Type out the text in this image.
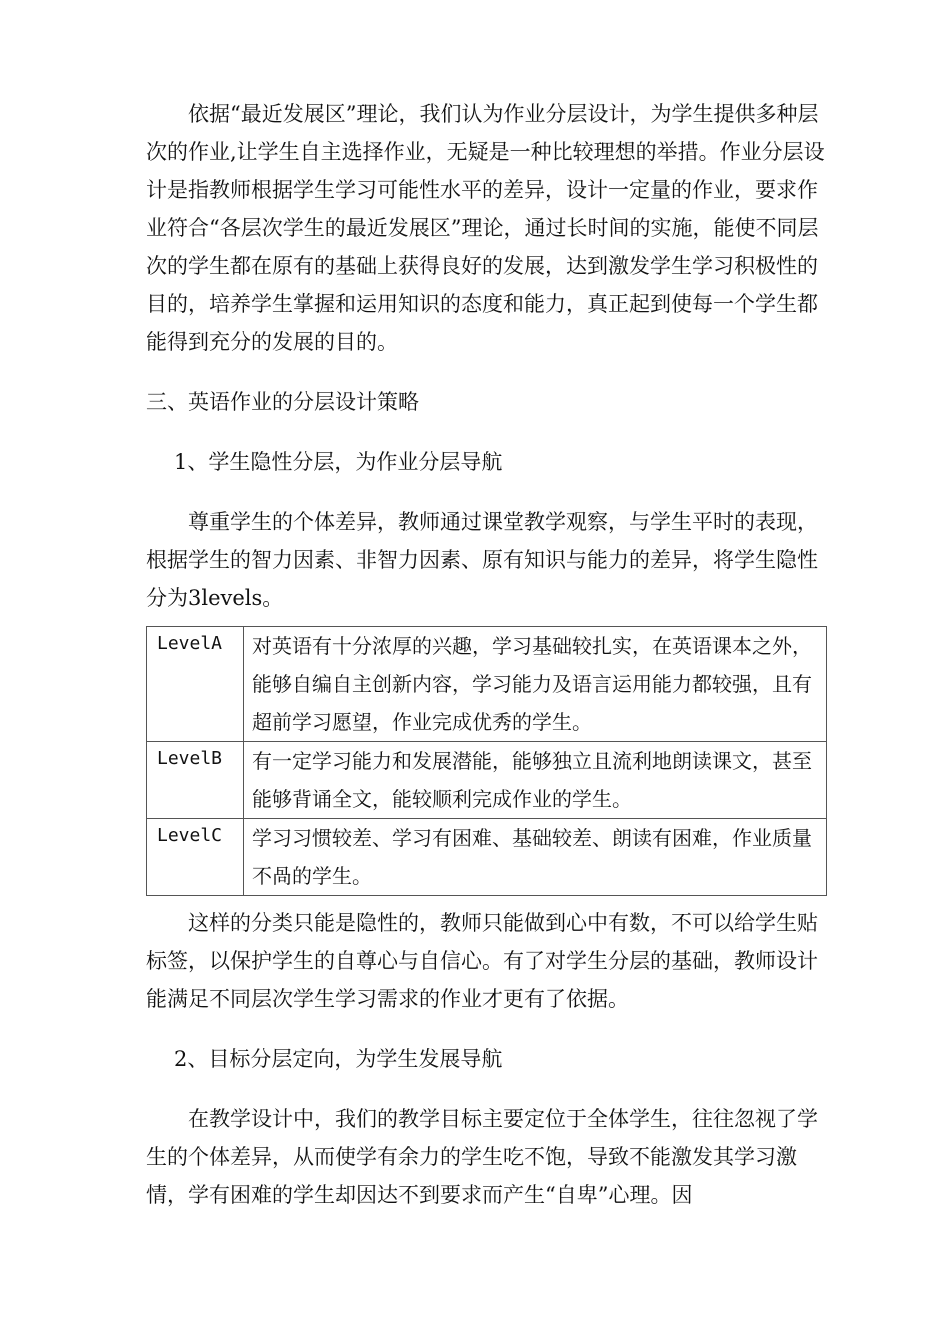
依据“最近发展区”理论，我们认为作业分层设计，为学生提供多种层次的作业,让学生自主选择作业，无疑是一种比较理想的举措。作业分层设计是指教师根据学生学习可能性水平的差异，设计一定量的作业，要求作业符合“各层次学生的最近发展区”理论，通过长时间的实施，能使不同层次的学生都在原有的基础上获得良好的发展，达到激发学生学习积极性的目的，培养学生掌握和运用知识的态度和能力，真正起到使每一个学生都能得到充分的发展的目的。

三、英语作业的分层设计策略

1、学生隐性分层，为作业分层导航

尊重学生的个体差异，教师通过课堂教学观察，与学生平时的表现，根据学生的智力因素、非智力因素、原有知识与能力的差异，将学生隐性分为3levels。

LevelA	对英语有十分浓厚的兴趣，学习基础较扎实，在英语课本之外，能够自编自主创新内容，学习能力及语言运用能力都较强，且有超前学习愿望，作业完成优秀的学生。
LevelB	有一定学习能力和发展潜能，能够独立且流利地朗读课文，甚至能够背诵全文，能较顺利完成作业的学生。
LevelC	学习习惯较差、学习有困难、基础较差、朗读有困难，作业质量不咼的学生。

这样的分类只能是隐性的，教师只能做到心中有数，不可以给学生贴标签，以保护学生的自尊心与自信心。有了对学生分层的基础，教师设计能满足不同层次学生学习需求的作业才更有了依据。

2、目标分层定向，为学生发展导航

在教学设计中，我们的教学目标主要定位于全体学生，往往忽视了学生的个体差异，从而使学有余力的学生吃不饱，导致不能激发其学习激情，学有困难的学生却因达不到要求而产生“自卑”心理。因
